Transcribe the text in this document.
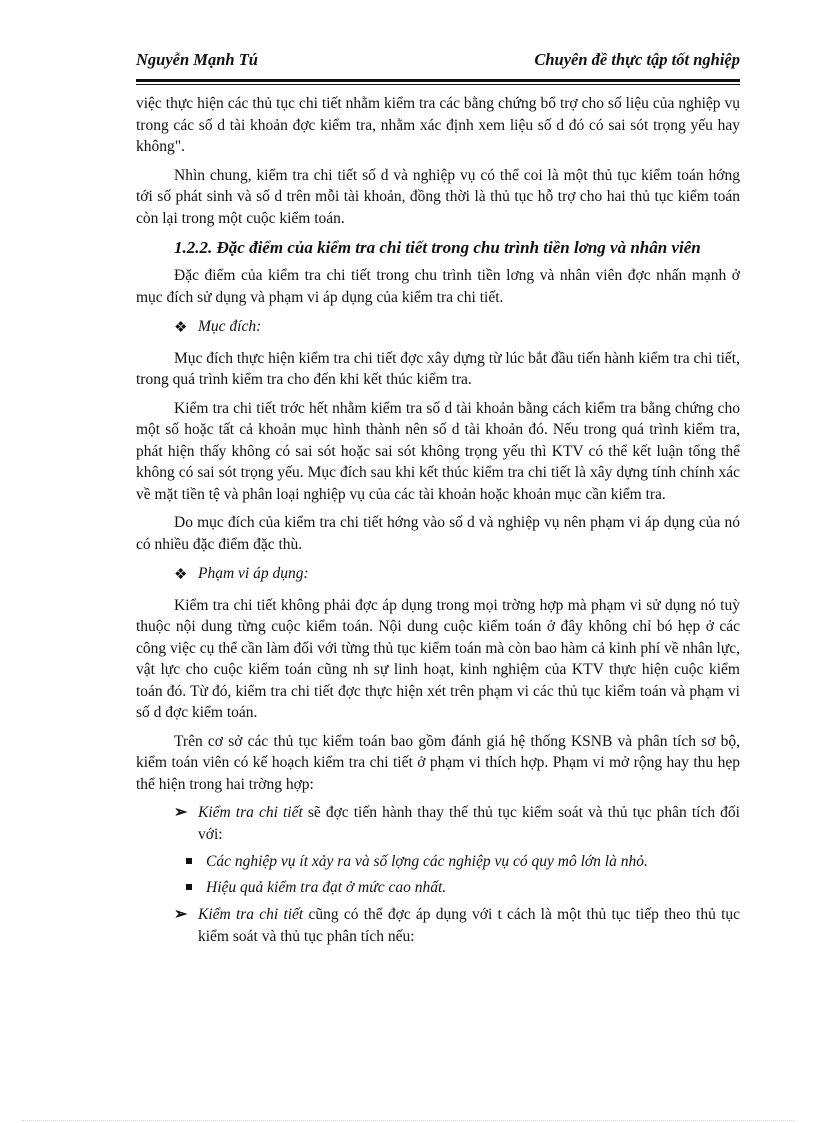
Nguyễn Mạnh Tú	Chuyên đề thực tập tốt nghiệp

việc thực hiện các thủ tục chi tiết nhằm kiểm tra các bằng chứng bổ trợ cho số liệu của nghiệp vụ trong các số d tài khoản đợc kiểm tra, nhằm xác định xem liệu số d đó có sai sót trọng yếu hay không".

Nhìn chung, kiểm tra chi tiết số d và nghiệp vụ có thể coi là một thủ tục kiểm toán hớng tới số phát sinh và số d trên mỗi tài khoản, đồng thời là thủ tục hỗ trợ cho hai thủ tục kiểm toán còn lại trong một cuộc kiểm toán.

1.2.2. Đặc điểm của kiểm tra chi tiết trong chu trình tiền lơng và nhân viên

Đặc điểm của kiểm tra chi tiết trong chu trình tiền lơng và nhân viên đợc nhấn mạnh ở mục đích sử dụng và phạm vi áp dụng của kiểm tra chi tiết.

❖ Mục đích:

Mục đích thực hiện kiểm tra chi tiết đợc xây dựng từ lúc bắt đầu tiến hành kiểm tra chi tiết, trong quá trình kiểm tra cho đến khi kết thúc kiểm tra.

Kiểm tra chi tiết trớc hết nhằm kiểm tra số d tài khoản bằng cách kiểm tra bằng chứng cho một số hoặc tất cả khoản mục hình thành nên số d tài khoản đó. Nếu trong quá trình kiểm tra, phát hiện thấy không có sai sót hoặc sai sót không trọng yếu thì KTV có thể kết luận tổng thể không có sai sót trọng yếu. Mục đích sau khi kết thúc kiểm tra chi tiết là xây dựng tính chính xác về mặt tiền tệ và phân loại nghiệp vụ của các tài khoản hoặc khoản mục cần kiểm tra.

Do mục đích của kiểm tra chi tiết hớng vào số d và nghiệp vụ nên phạm vi áp dụng của nó có nhiều đặc điểm đặc thù.

❖ Phạm vi áp dụng:

Kiểm tra chi tiết không phải đợc áp dụng trong mọi trờng hợp mà phạm vi sử dụng nó tuỳ thuộc nội dung từng cuộc kiểm toán. Nội dung cuộc kiểm toán ở đây không chỉ bó hẹp ở các công việc cụ thể cần làm đối với từng thủ tục kiểm toán mà còn bao hàm cả kinh phí về nhân lực, vật lực cho cuộc kiểm toán cũng nh sự linh hoạt, kinh nghiệm của KTV thực hiện cuộc kiểm toán đó. Từ đó, kiểm tra chi tiết đợc thực hiện xét trên phạm vi các thủ tục kiểm toán và phạm vi số d đợc kiểm toán.

Trên cơ sở các thủ tục kiểm toán bao gồm đánh giá hệ thống KSNB và phân tích sơ bộ, kiểm toán viên có kế hoạch kiểm tra chi tiết ở phạm vi thích hợp. Phạm vi mở rộng hay thu hẹp thể hiện trong hai trờng hợp:

➢ Kiểm tra chi tiết sẽ đợc tiến hành thay thế thủ tục kiểm soát và thủ tục phân tích đối với:

Các nghiệp vụ ít xảy ra và số lợng các nghiệp vụ có quy mô lớn là nhỏ.

Hiệu quả kiểm tra đạt ở mức cao nhất.

➢ Kiểm tra chi tiết cũng có thể đợc áp dụng với t cách là một thủ tục tiếp theo thủ tục kiểm soát và thủ tục phân tích nếu:
